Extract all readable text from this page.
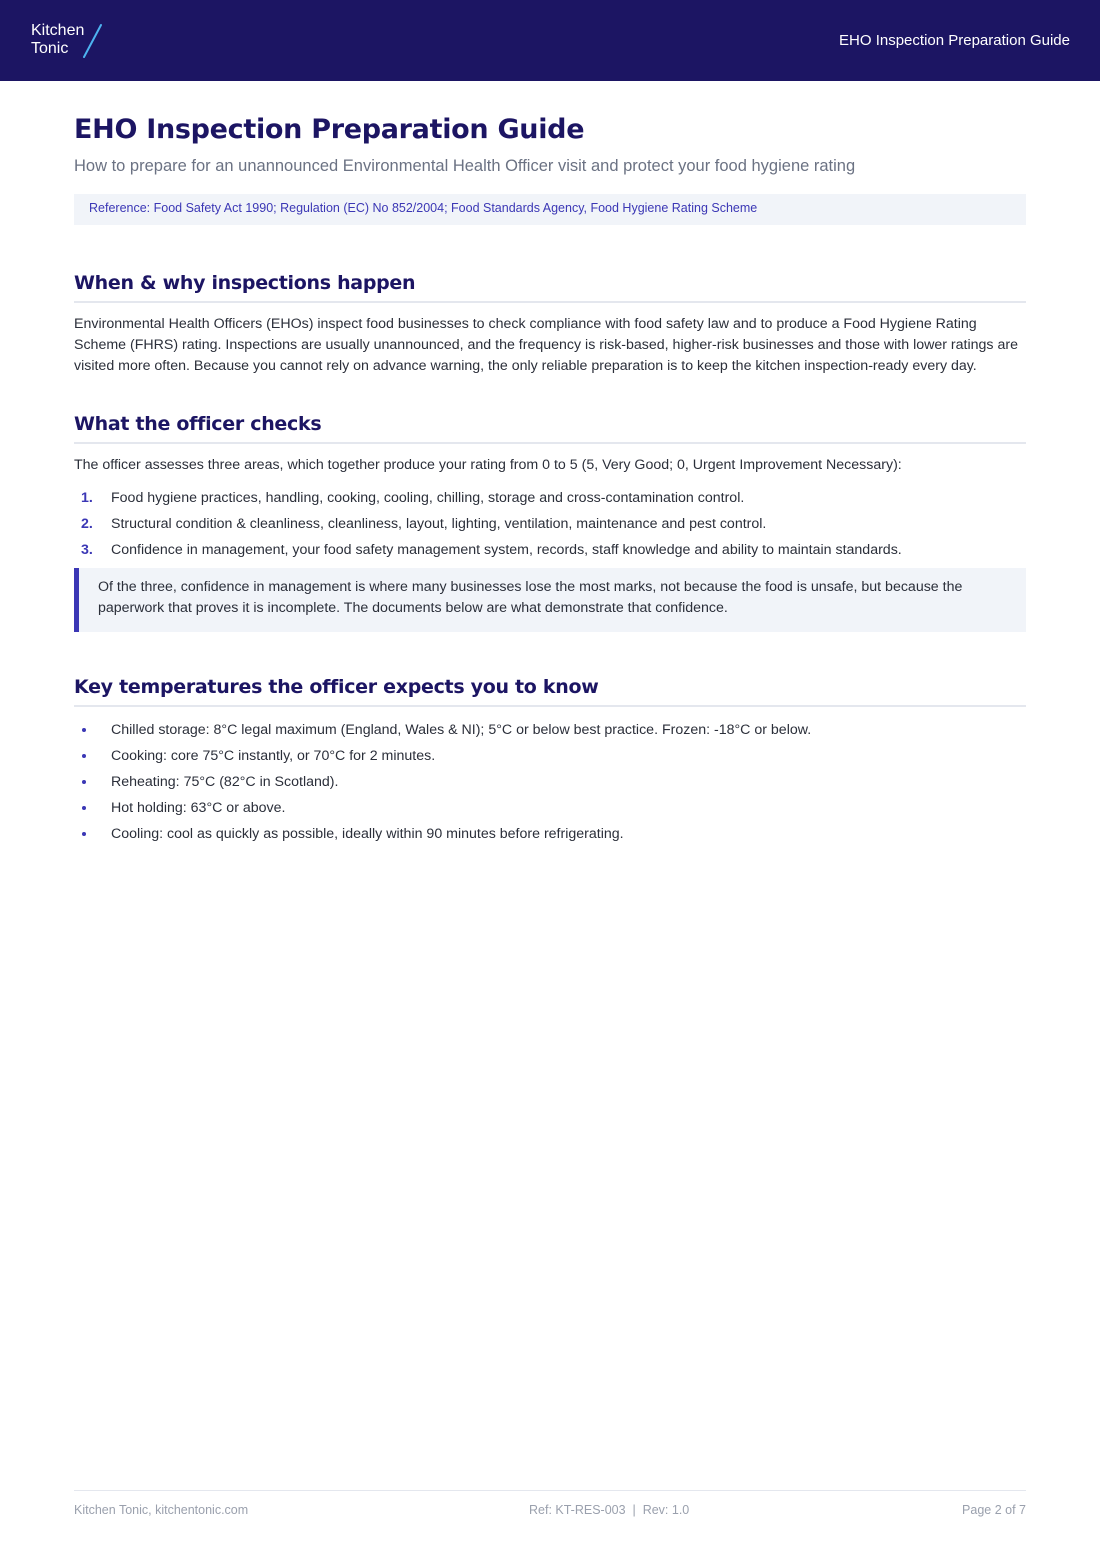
Kitchen
Tonic	EHO Inspection Preparation Guide
EHO Inspection Preparation Guide

How to prepare for an unannounced Environmental Health Officer visit and protect your food hygiene rating

Reference: Food Safety Act 1990; Regulation (EC) No 852/2004; Food Standards Agency, Food Hygiene Rating Scheme
When & why inspections happen

Environmental Health Officers (EHOs) inspect food businesses to check compliance with food safety law and to produce a Food Hygiene Rating Scheme (FHRS) rating. Inspections are usually unannounced, and the frequency is risk-based, higher-risk businesses and those with lower ratings are visited more often. Because you cannot rely on advance warning, the only reliable preparation is to keep the kitchen inspection-ready every day.

What the officer checks

The officer assesses three areas, which together produce your rating from 0 to 5 (5, Very Good; 0, Urgent Improvement Necessary):

1. Food hygiene practices, handling, cooking, cooling, chilling, storage and cross-contamination control.
2. Structural condition & cleanliness, cleanliness, layout, lighting, ventilation, maintenance and pest control.
3. Confidence in management, your food safety management system, records, staff knowledge and ability to maintain standards.
Of the three, confidence in management is where many businesses lose the most marks, not because the food is unsafe, but because the paperwork that proves it is incomplete. The documents below are what demonstrate that confidence.
Key temperatures the officer expects you to know
Chilled storage: 8°C legal maximum (England, Wales & NI); 5°C or below best practice. Frozen: -18°C or below.
Cooking: core 75°C instantly, or 70°C for 2 minutes.
Reheating: 75°C (82°C in Scotland).
Hot holding: 63°C or above.
Cooling: cool as quickly as possible, ideally within 90 minutes before refrigerating.
Kitchen Tonic, kitchentonic.com	Ref: KT-RES-003  |  Rev: 1.0	Page 2 of 7
